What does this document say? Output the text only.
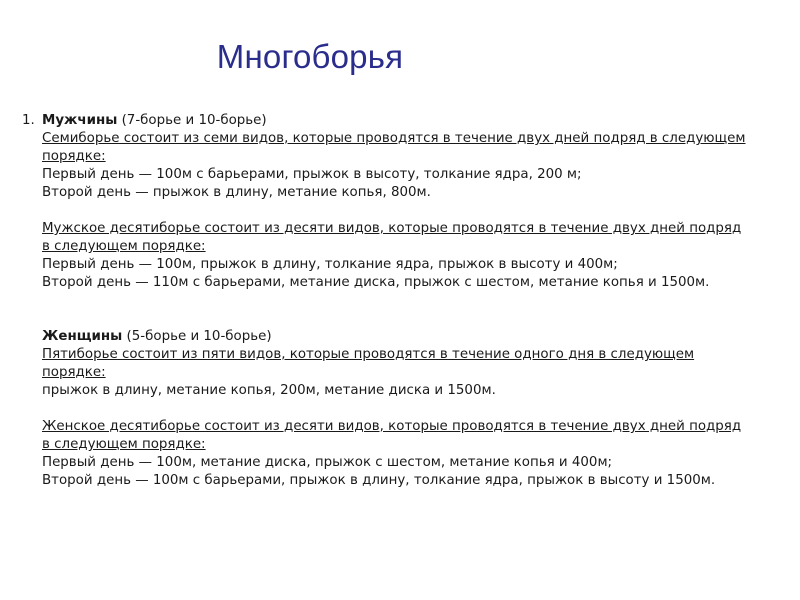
Многоборья
1. Мужчины (7-борье и 10-борье)

Семиборье состоит из семи видов, которые проводятся в течение двух дней подряд в следующем порядке:

Первый день — 100м с барьерами, прыжок в высоту, толкание ядра, 200 м;

Второй день — прыжок в длину, метание копья, 800м.

Мужское десятиборье состоит из десяти видов, которые проводятся в течение двух дней подряд в следующем порядке:

Первый день — 100м, прыжок в длину, толкание ядра, прыжок в высоту и 400м;

Второй день — 110м с барьерами, метание диска, прыжок с шестом, метание копья и 1500м.

Женщины (5-борье и 10-борье)

Пятиборье состоит из пяти видов, которые проводятся в течение одного дня в следующем порядке:

прыжок в длину, метание копья, 200м, метание диска и 1500м.

Женское десятиборье состоит из десяти видов, которые проводятся в течение двух дней подряд в следующем порядке:

Первый день — 100м, метание диска, прыжок с шестом, метание копья и 400м;

Второй день — 100м с барьерами, прыжок в длину, толкание ядра, прыжок в высоту и 1500м.
